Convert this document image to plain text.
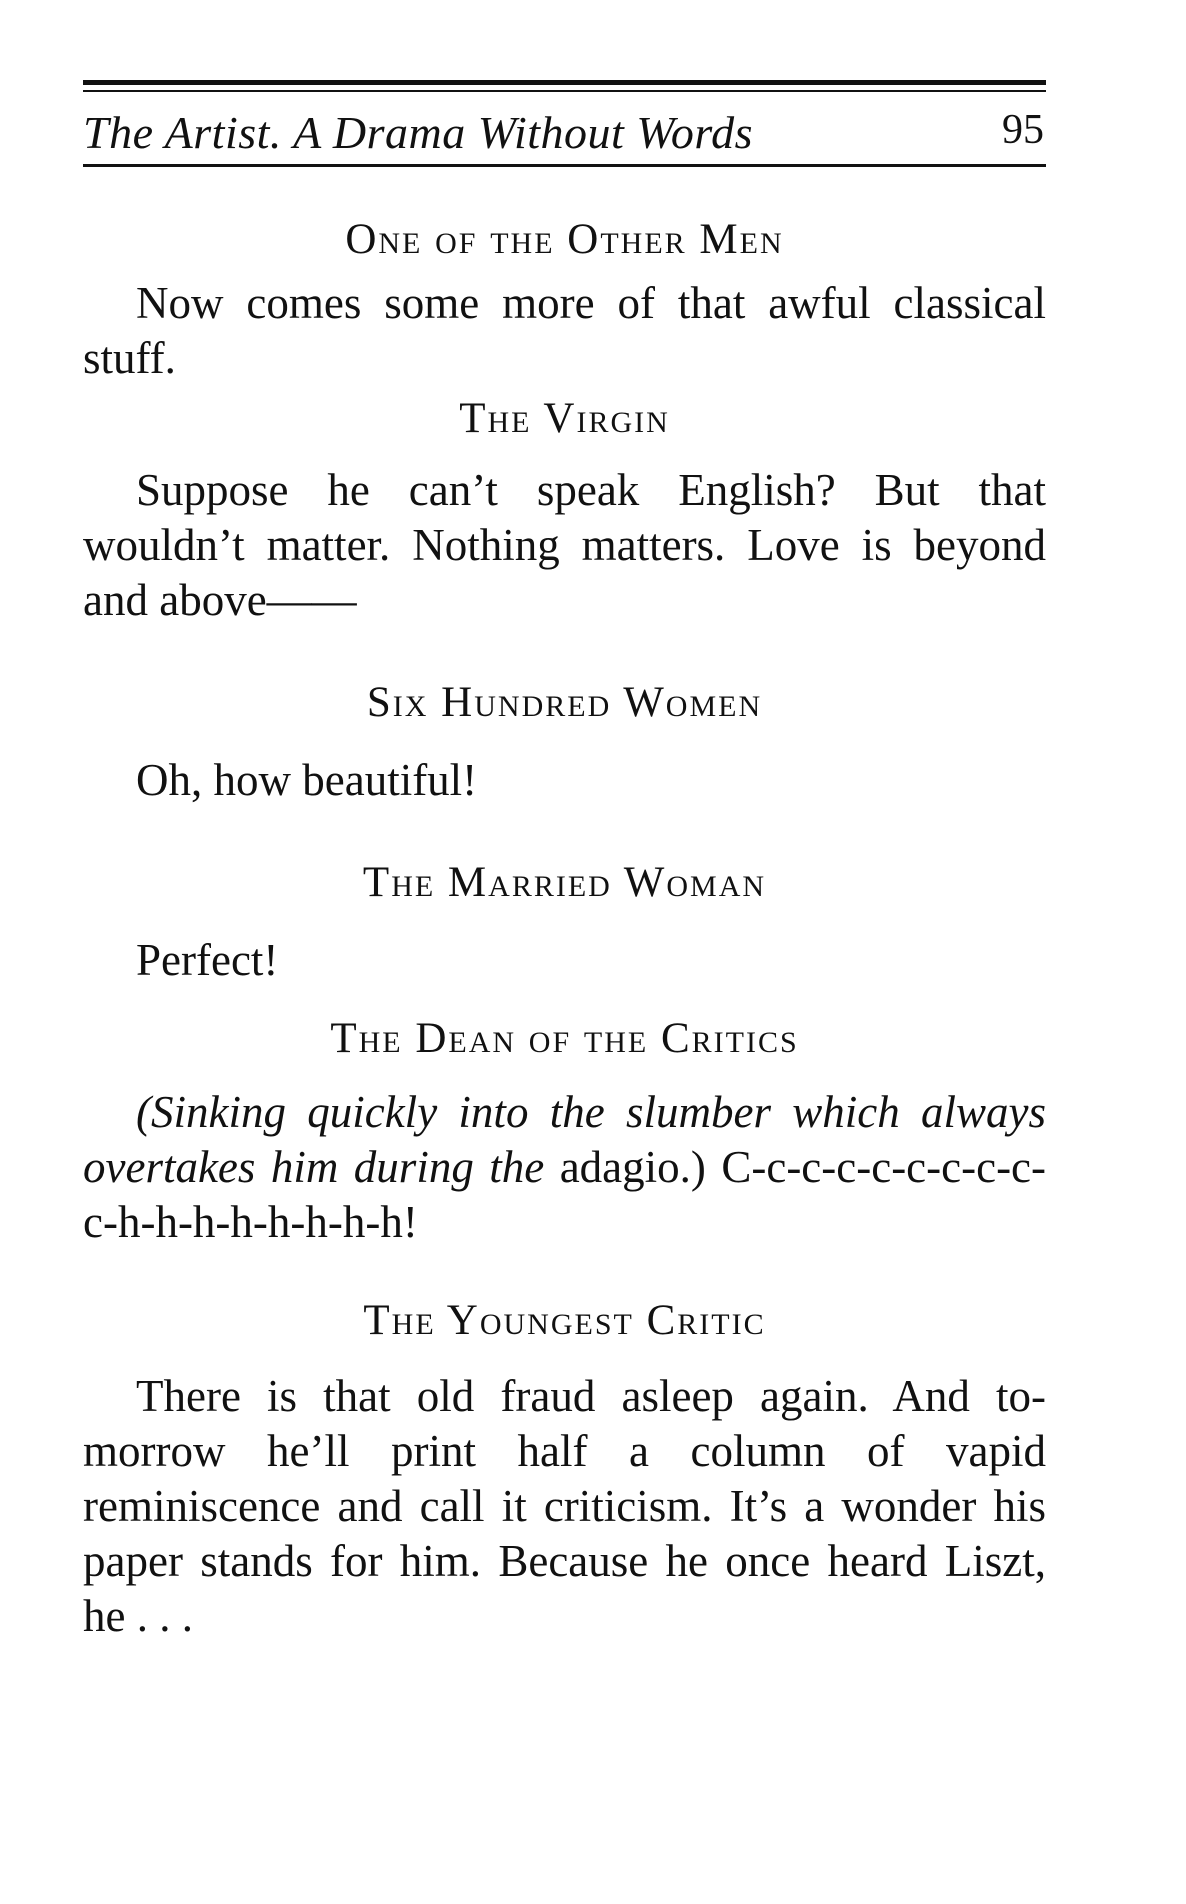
The Artist. A Drama Without Words	95
One of the Other Men

Now comes some more of that awful classical stuff.

The Virgin

Suppose he can’t speak English? But that wouldn’t matter. Nothing matters. Love is beyond and above——

Six Hundred Women

Oh, how beautiful!

The Married Woman

Perfect!

The Dean of the Critics

(Sinking quickly into the slumber which always overtakes him during the adagio.) C-c-c-c-c-c-c-c-c-c-h-h-h-h-h-h-h-h!

The Youngest Critic

There is that old fraud asleep again. And to-morrow he’ll print half a column of vapid reminiscence and call it criticism. It’s a wonder his paper stands for him. Because he once heard Liszt, he . . .
